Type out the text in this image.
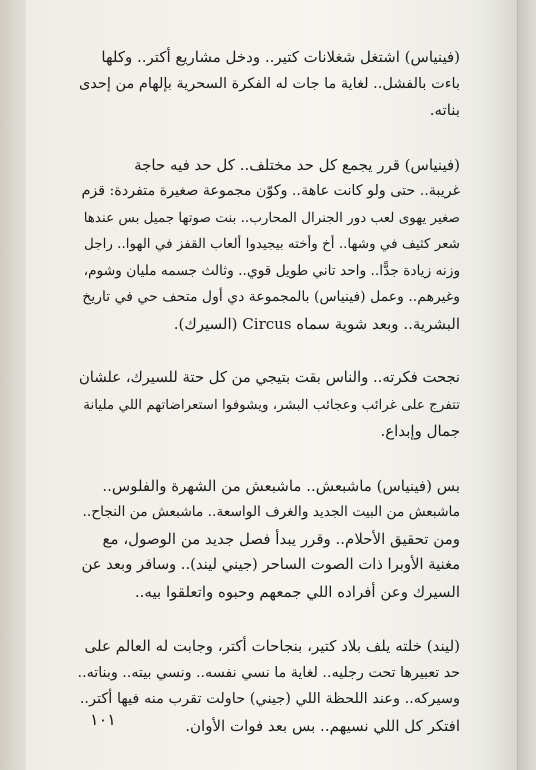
(فينياس) اشتغل شغلانات كتير.. ودخل مشاريع أكتر.. وكلها
باءت بالفشل.. لغاية ما جات له الفكرة السحرية بإلهام من إحدى
بناته.
(فينياس) قرر يجمع كل حد مختلف.. كل حد فيه حاجة
غريبة.. حتى ولو كانت عاهة.. وكوّن مجموعة صغيرة متفردة: قزم
صغير يهوى لعب دور الجنرال المحارب.. بنت صوتها جميل بس عندها
شعر كثيف في وشها.. أخ وأخته بيجيدوا ألعاب القفز في الهوا.. راجل
وزنه زيادة جدًّا.. واحد تاني طويل قوي.. وثالث جسمه مليان وشوم،
وغيرهم.. وعمل (فينياس) بالمجموعة دي أول متحف حي في تاريخ
البشرية.. وبعد شوية سماه Circus (السيرك).
نجحت فكرته.. والناس بقت بتيجي من كل حتة للسيرك، علشان
تتفرج على غرائب وعجائب البشر، ويشوفوا استعراضاتهم اللي مليانة
جمال وإبداع.
بس (فينياس) ماشبعش.. ماشبعش من الشهرة والفلوس..
ماشبعش من البيت الجديد والغرف الواسعة.. ماشبعش من النجاح..
ومن تحقيق الأحلام.. وقرر يبدأ فصل جديد من الوصول، مع
مغنية الأوبرا ذات الصوت الساحر (جيني ليند).. وسافر وبعد عن
السيرك وعن أفراده اللي جمعهم وحبوه واتعلقوا بيه..
(ليند) خلته يلف بلاد كتير، بنجاحات أكتر، وجابت له العالم على
حد تعبيرها تحت رجليه.. لغاية ما نسي نفسه.. ونسي بيته.. وبناته..
وسيركه.. وعند اللحظة اللي (جيني) حاولت تقرب منه فيها أكتر..
افتكر كل اللي نسيهم.. بس بعد فوات الأوان.
١٠١
